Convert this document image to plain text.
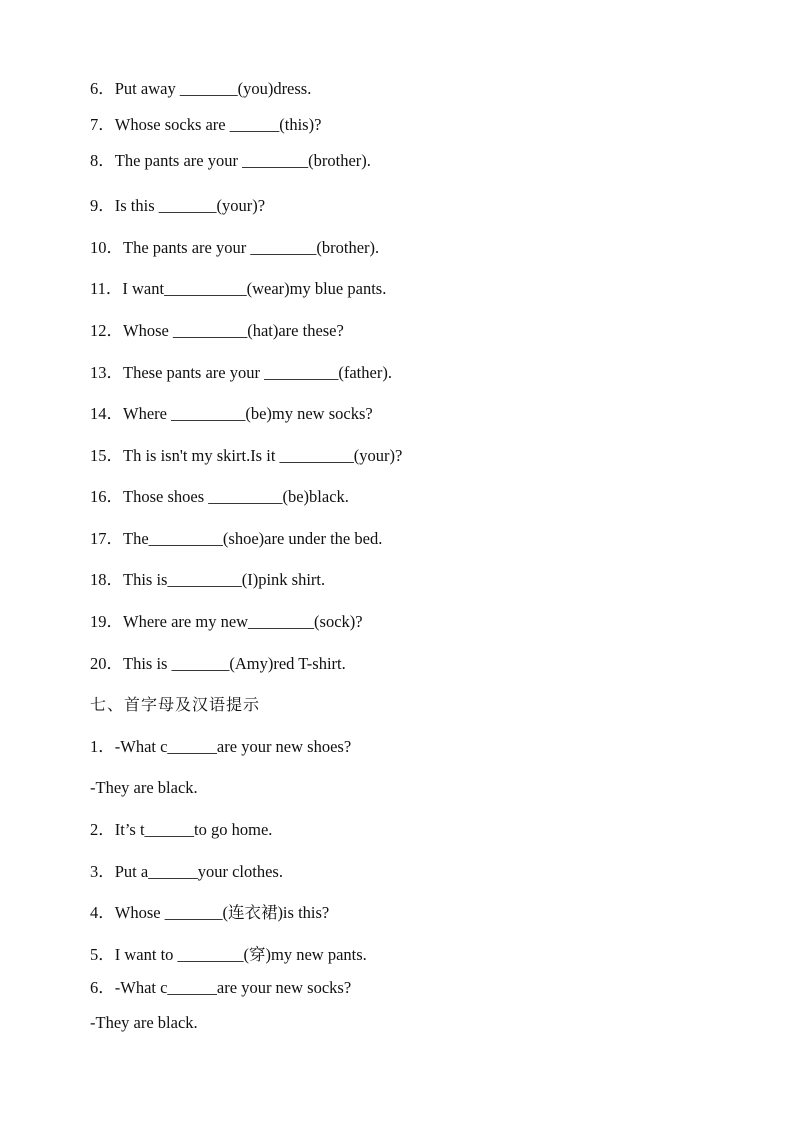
6．Put away _______(you)dress.
7．Whose socks are ______(this)?
8．The pants are your ________(brother).
9．Is this _______(your)?
10．The pants are your ________(brother).
11．I want__________(wear)my blue pants.
12．Whose _________(hat)are these?
13．These pants are your _________(father).
14．Where _________(be)my new socks?
15．Th is isn't my skirt.Is it _________(your)?
16．Those shoes _________(be)black.
17．The_________(shoe)are under the bed.
18．This is_________(I)pink shirt.
19．Where are my new________(sock)?
20．This is _______(Amy)red T-shirt.
七、首字母及汉语提示
1．-What c______are your new shoes?
-They are black.
2．It’s t______to go home.
3．Put a______your clothes.
4．Whose _______(连衣裙)is this?
5．I want to ________(穿)my new pants.
6．-What c______are your new socks?
-They are black.
